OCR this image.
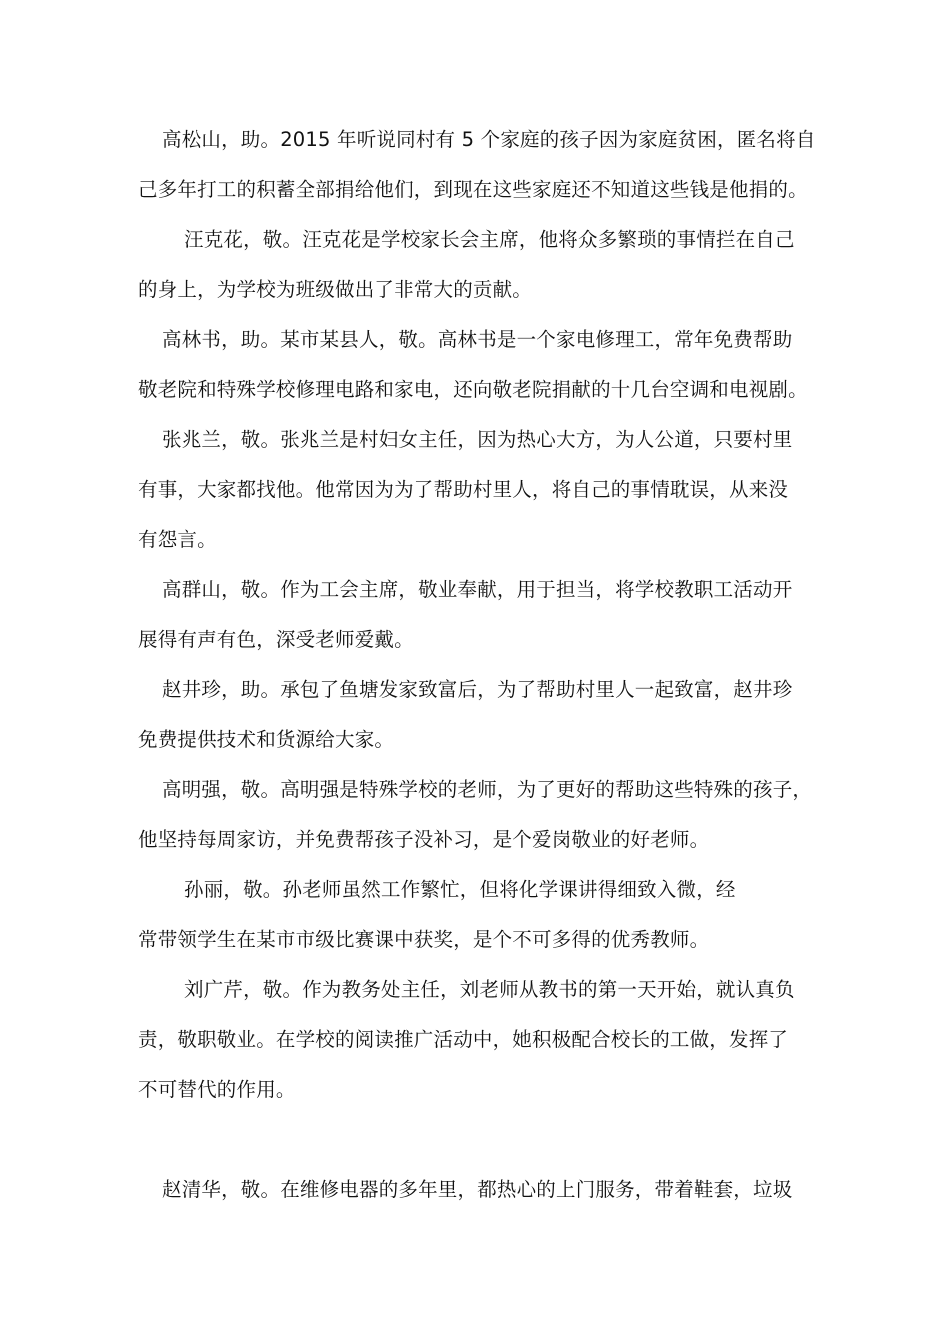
高松山，助。2015 年听说同村有 5 个家庭的孩子因为家庭贫困，匿名将自
己多年打工的积蓄全部捐给他们，到现在这些家庭还不知道这些钱是他捐的。
汪克花，敬。汪克花是学校家长会主席，他将众多繁琐的事情拦在自己
的身上，为学校为班级做出了非常大的贡献。
高林书，助。某市某县人，敬。高林书是一个家电修理工，常年免费帮助
敬老院和特殊学校修理电路和家电，还向敬老院捐献的十几台空调和电视剧。
张兆兰，敬。张兆兰是村妇女主任，因为热心大方，为人公道，只要村里
有事，大家都找他。他常因为为了帮助村里人，将自己的事情耽误，从来没
有怨言。
高群山，敬。作为工会主席，敬业奉献，用于担当，将学校教职工活动开
展得有声有色，深受老师爱戴。
赵井珍，助。承包了鱼塘发家致富后，为了帮助村里人一起致富，赵井珍
免费提供技术和货源给大家。
高明强，敬。高明强是特殊学校的老师，为了更好的帮助这些特殊的孩子，
他坚持每周家访，并免费帮孩子没补习，是个爱岗敬业的好老师。
孙丽，敬。孙老师虽然工作繁忙，但将化学课讲得细致入微，经
常带领学生在某市市级比赛课中获奖，是个不可多得的优秀教师。
刘广芹，敬。作为教务处主任，刘老师从教书的第一天开始，就认真负
责，敬职敬业。在学校的阅读推广活动中，她积极配合校长的工做，发挥了
不可替代的作用。
赵清华，敬。在维修电器的多年里，都热心的上门服务，带着鞋套，垃圾
